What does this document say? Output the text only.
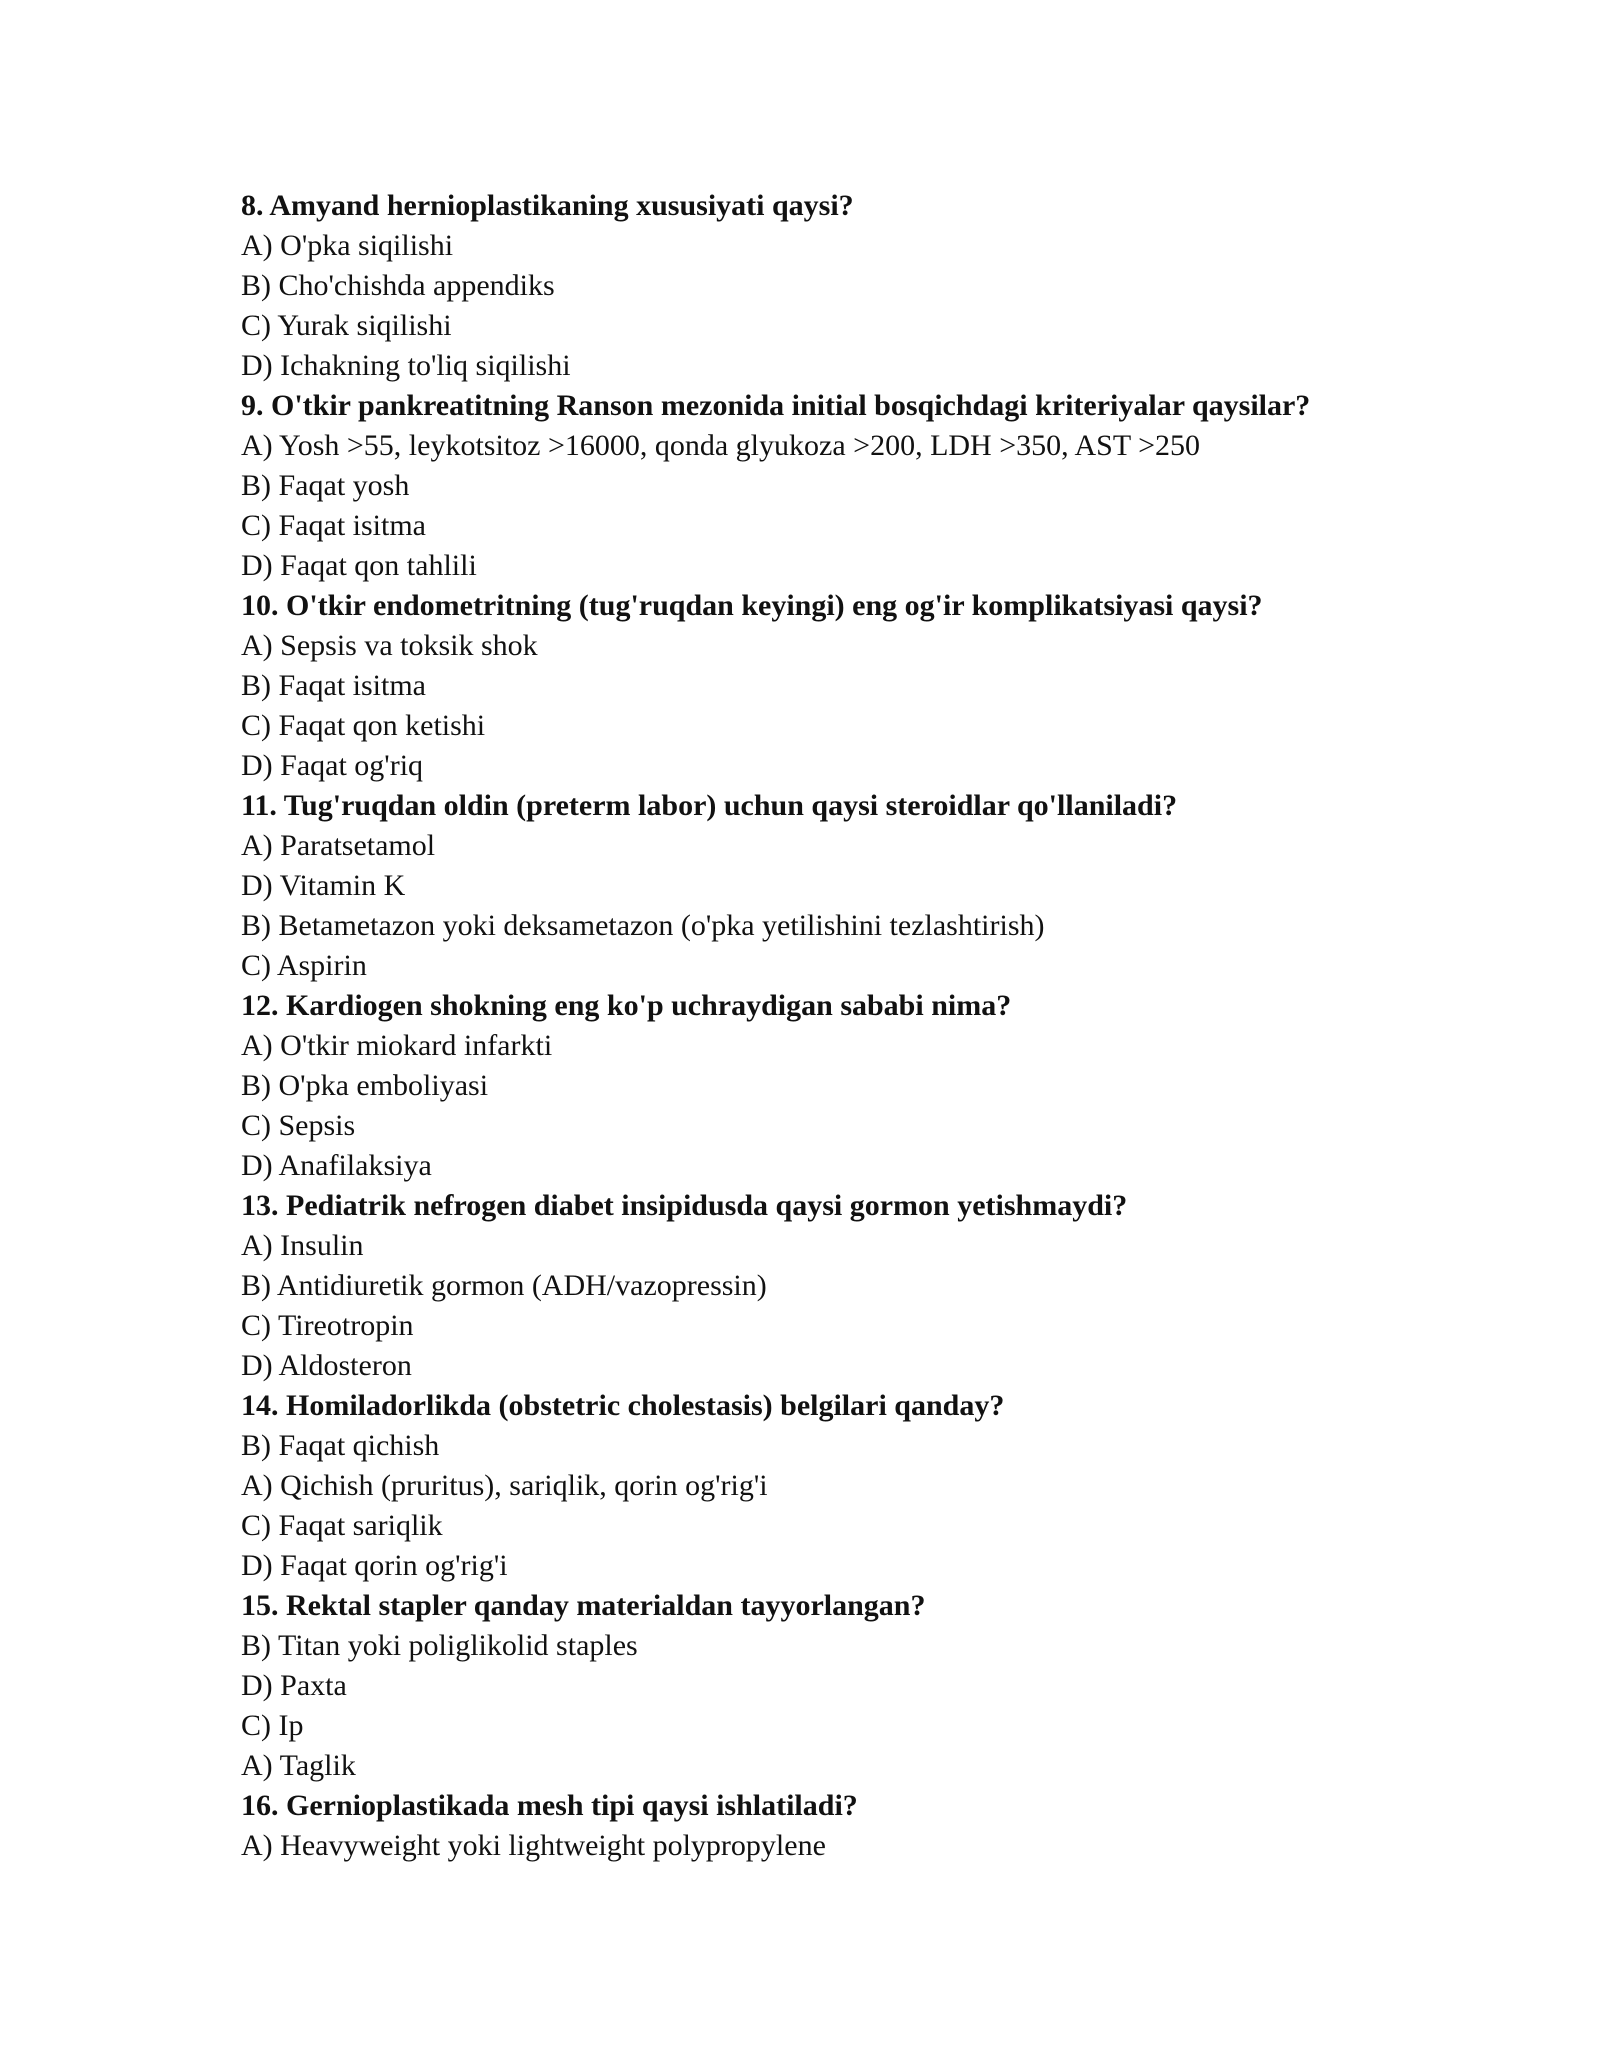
8. Amyand hernioplastikaning xususiyati qaysi?
A) O'pka siqilishi
B) Cho'chishda appendiks
C) Yurak siqilishi
D) Ichakning to'liq siqilishi
9. O'tkir pankreatitning Ranson mezonida initial bosqichdagi kriteriyalar qaysilar?
A) Yosh >55, leykotsitoz >16000, qonda glyukoza >200, LDH >350, AST >250
B) Faqat yosh
C) Faqat isitma
D) Faqat qon tahlili
10. O'tkir endometritning (tug'ruqdan keyingi) eng og'ir komplikatsiyasi qaysi?
A) Sepsis va toksik shok
B) Faqat isitma
C) Faqat qon ketishi
D) Faqat og'riq
11. Tug'ruqdan oldin (preterm labor) uchun qaysi steroidlar qo'llaniladi?
A) Paratsetamol
D) Vitamin K
B) Betametazon yoki deksametazon (o'pka yetilishini tezlashtirish)
C) Aspirin
12. Kardiogen shokning eng ko'p uchraydigan sababi nima?
A) O'tkir miokard infarkti
B) O'pka emboliyasi
C) Sepsis
D) Anafilaksiya
13. Pediatrik nefrogen diabet insipidusda qaysi gormon yetishmaydi?
A) Insulin
B) Antidiuretik gormon (ADH/vazopressin)
C) Tireotropin
D) Aldosteron
14. Homiladorlikda (obstetric cholestasis) belgilari qanday?
B) Faqat qichish
A) Qichish (pruritus), sariqlik, qorin og'rig'i
C) Faqat sariqlik
D) Faqat qorin og'rig'i
15. Rektal stapler qanday materialdan tayyorlangan?
B) Titan yoki poliglikolid staples
D) Paxta
C) Ip
A) Taglik
16. Gernioplastikada mesh tipi qaysi ishlatiladi?
A) Heavyweight yoki lightweight polypropylene
